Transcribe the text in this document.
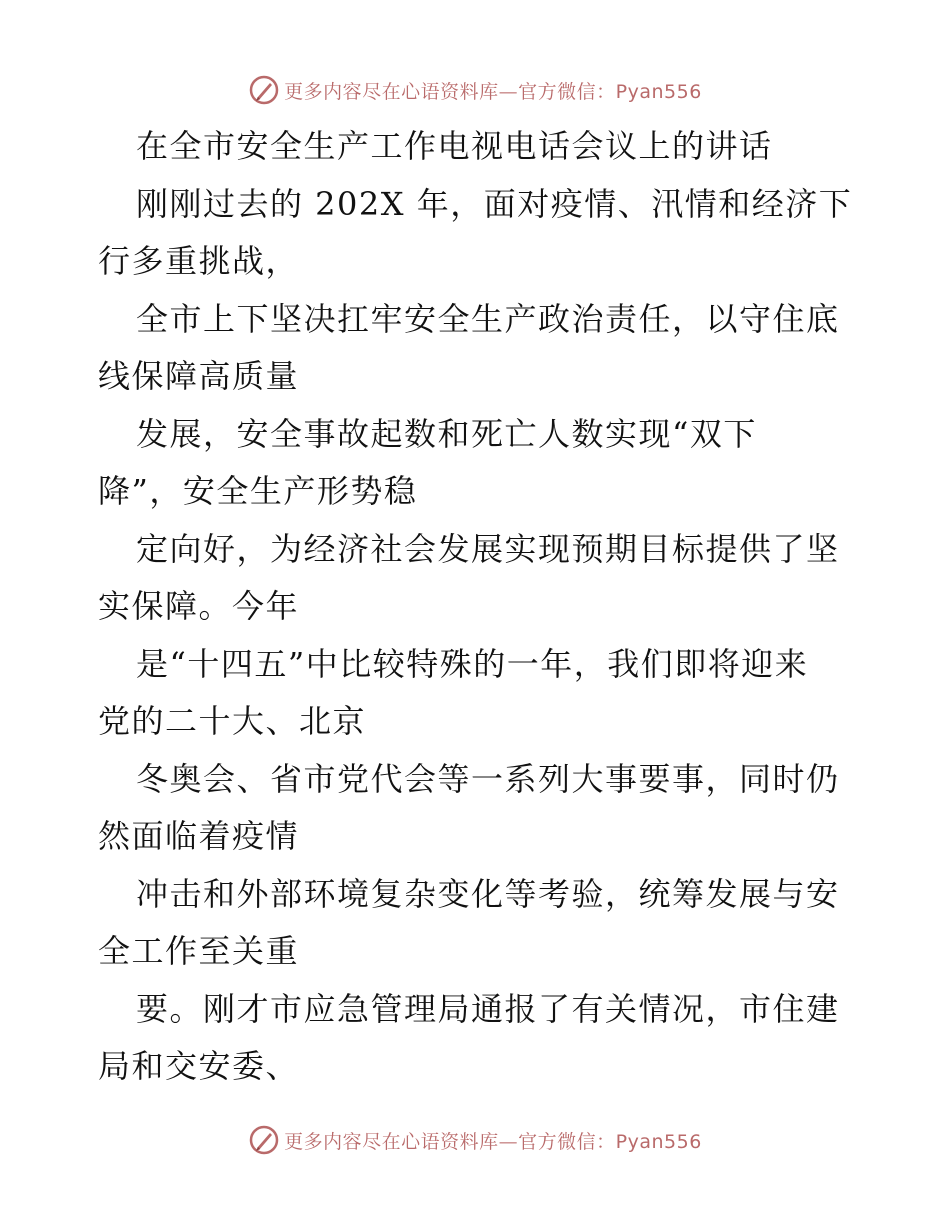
更多内容尽在心语资料库—官方微信：Pyan556
在全市安全生产工作电视电话会议上的讲话
刚刚过去的 202X 年，面对疫情、汛情和经济下
行多重挑战，
全市上下坚决扛牢安全生产政治责任，以守住底
线保障高质量
发展，安全事故起数和死亡人数实现“双下
降”，安全生产形势稳
定向好，为经济社会发展实现预期目标提供了坚
实保障。今年
是“十四五”中比较特殊的一年，我们即将迎来
党的二十大、北京
冬奥会、省市党代会等一系列大事要事，同时仍
然面临着疫情
冲击和外部环境复杂变化等考验，统筹发展与安
全工作至关重
要。刚才市应急管理局通报了有关情况，市住建
局和交安委、
更多内容尽在心语资料库—官方微信：Pyan556
